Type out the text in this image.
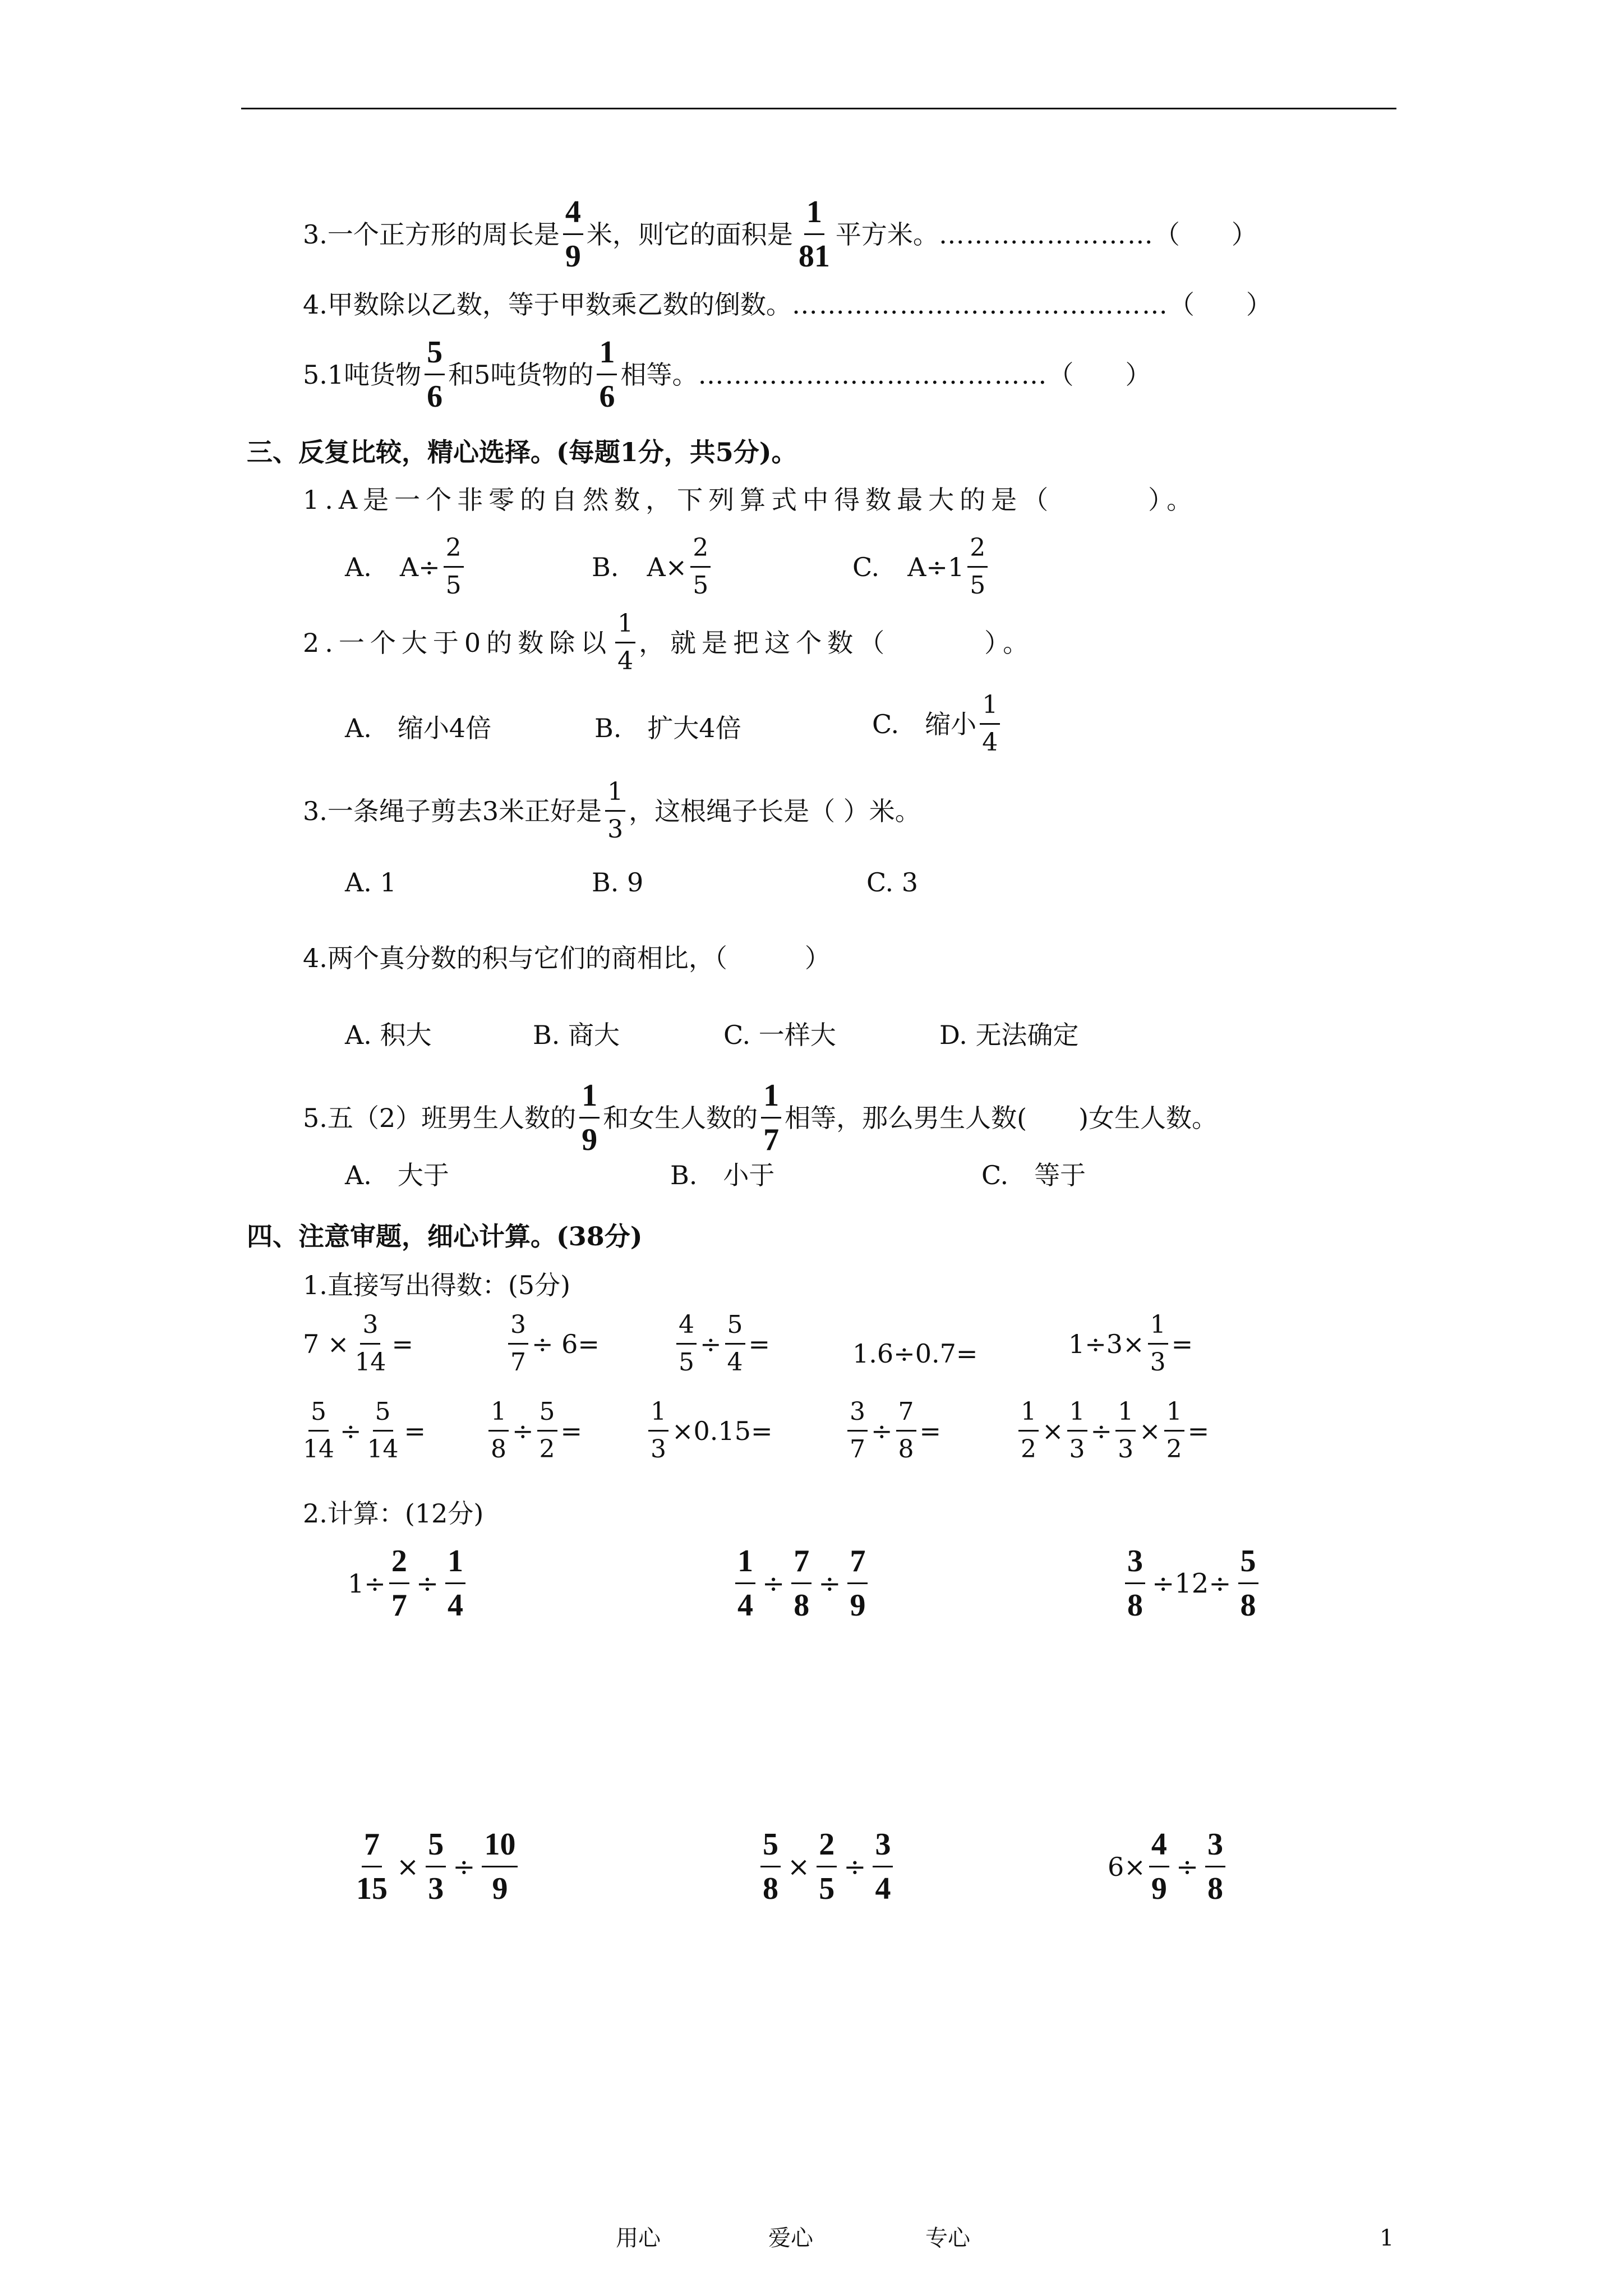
3.一个正方形的周长是 $\frac{4}{9}$ 米，则它的面积是 $\frac{1}{81}$ 平方米。 …………………… （　　）
4.甲数除以乙数，等于甲数乘乙数的倒数。 …………………………………… （　　）
5.1吨货物 $\frac{5}{6}$ 和5吨货物的 $\frac{1}{6}$ 相等。 ………………………………… （　　）
三、反复比较，精心选择。(每题1分，共5分)。
1.A是一个非零的自然数，下列算式中得数最大的是（　　　）。
A. $A\div \frac{2}{5}$	B. $A\times \frac{2}{5}$	C. $A\div 1 \frac{2}{5}$
2.一个大于0的数除以 $\frac{1}{4}$ ，就是把这个数（　　　）。
A.　缩小4倍	B.　扩大4倍	C.　缩小 $\frac{1}{4}$
3.一条绳子剪去3米正好是 $\frac{1}{3}$ ，这根绳子长是（ ）米。
A. 1	B. 9	C. 3
4.两个真分数的积与它们的商相比，（　　　）
A. 积大	B. 商大	C. 一样大	D. 无法确定
5.五（2）班男生人数的 $\frac{1}{9}$ 和女生人数的 $\frac{1}{7}$ 相等，那么男生人数(　　)女生人数。
A.　大于	B.　小于	C.　等于
四、注意审题，细心计算。(38分)
1.直接写出得数：(5分)
$7 \times \frac{3}{14}$ =	$\frac{3}{7} \div 6=$	$\frac{4}{5} \div \frac{5}{4}$ =	1.6÷0.7=	$1\div 3\times \frac{1}{3}$ =
$\frac{5}{14} \div \frac{5}{14}$ =	$\frac{1}{8} \div \frac{5}{2}$ =	$\frac{1}{3} \times 0.15=$	$\frac{3}{7} \div \frac{7}{8}$ =	$\frac{1}{2} \times \frac{1}{3} \div \frac{1}{3} \times \frac{1}{2}$ =
2.计算：(12分)
$1\div \frac{2}{7} \div \frac{1}{4}$	$\frac{1}{4} \div \frac{7}{8} \div \frac{7}{9}$	$\frac{3}{8} \div 12\div \frac{5}{8}$
$\frac{7}{15} \times \frac{5}{3} \div \frac{10}{9}$	$\frac{5}{8} \times \frac{2}{5} \div \frac{3}{4}$	$6\times \frac{4}{9} \div \frac{3}{8}$
用心	爱心	专心	1
